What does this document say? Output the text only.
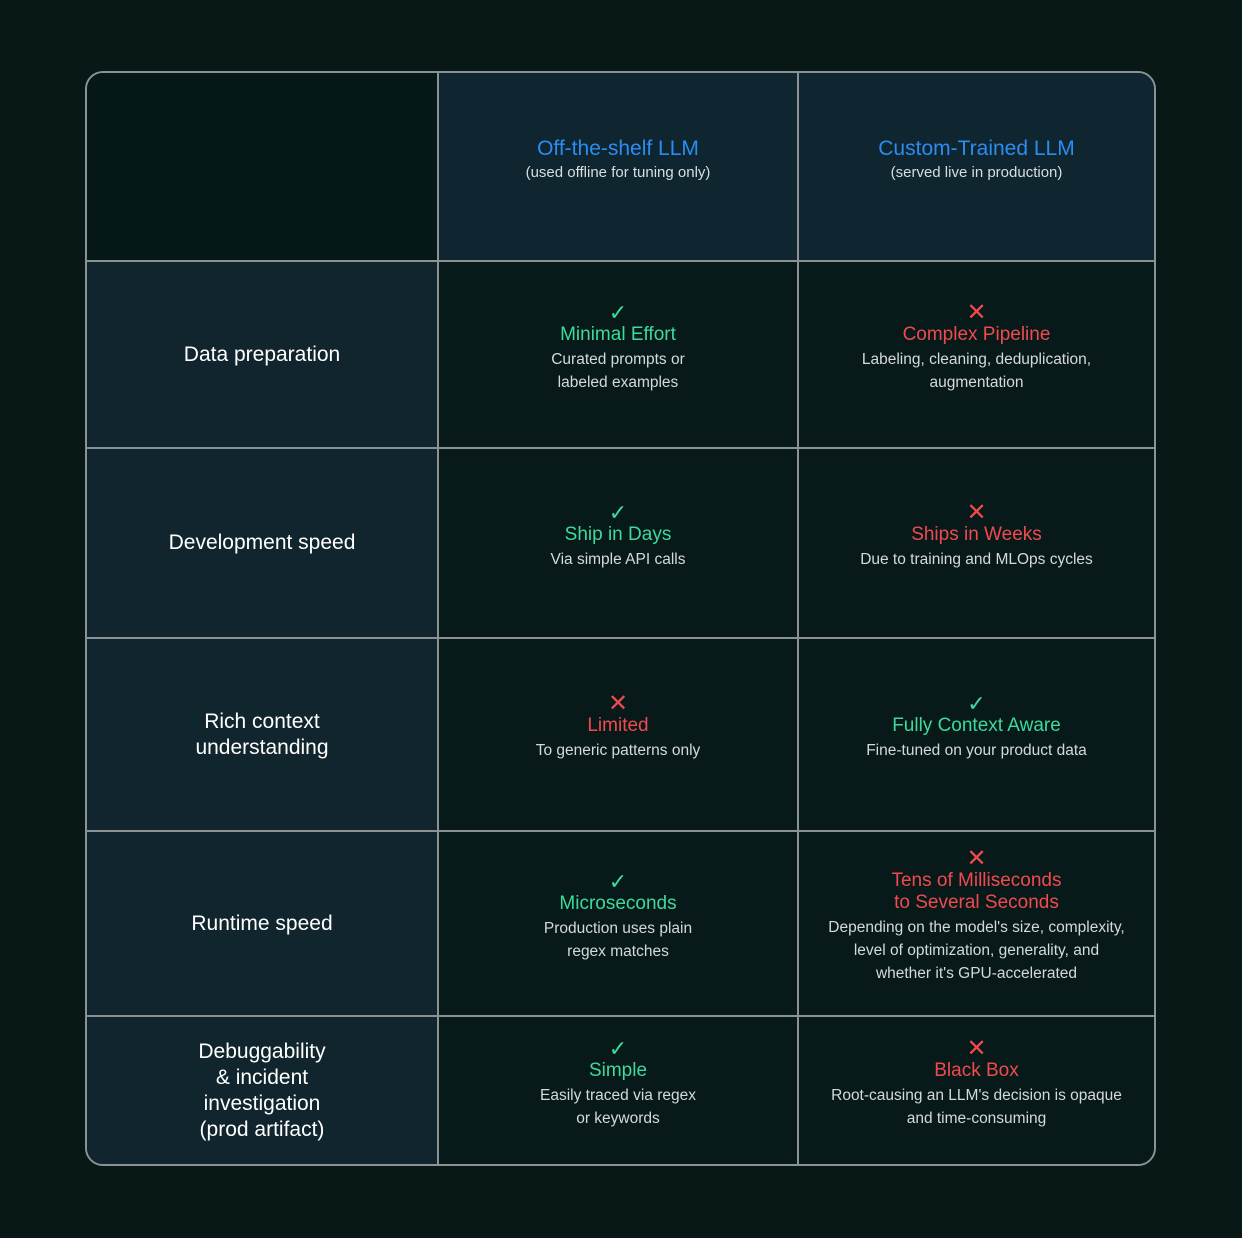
Off-the-shelf LLM
(used offline for tuning only)
Custom-Trained LLM
(served live in production)
Data preparation
✓
Minimal Effort
Curated prompts or
labeled examples
✕
Complex Pipeline
Labeling, cleaning, deduplication,
augmentation
Development speed
✓
Ship in Days
Via simple API calls
✕
Ships in Weeks
Due to training and MLOps cycles
Rich context
understanding
✕
Limited
To generic patterns only
✓
Fully Context Aware
Fine-tuned on your product data
Runtime speed
✓
Microseconds
Production uses plain
regex matches
✕
Tens of Milliseconds
to Several Seconds
Depending on the model's size, complexity,
level of optimization, generality, and
whether it's GPU-accelerated
Debuggability
& incident
investigation
(prod artifact)
✓
Simple
Easily traced via regex
or keywords
✕
Black Box
Root-causing an LLM's decision is opaque
and time-consuming
